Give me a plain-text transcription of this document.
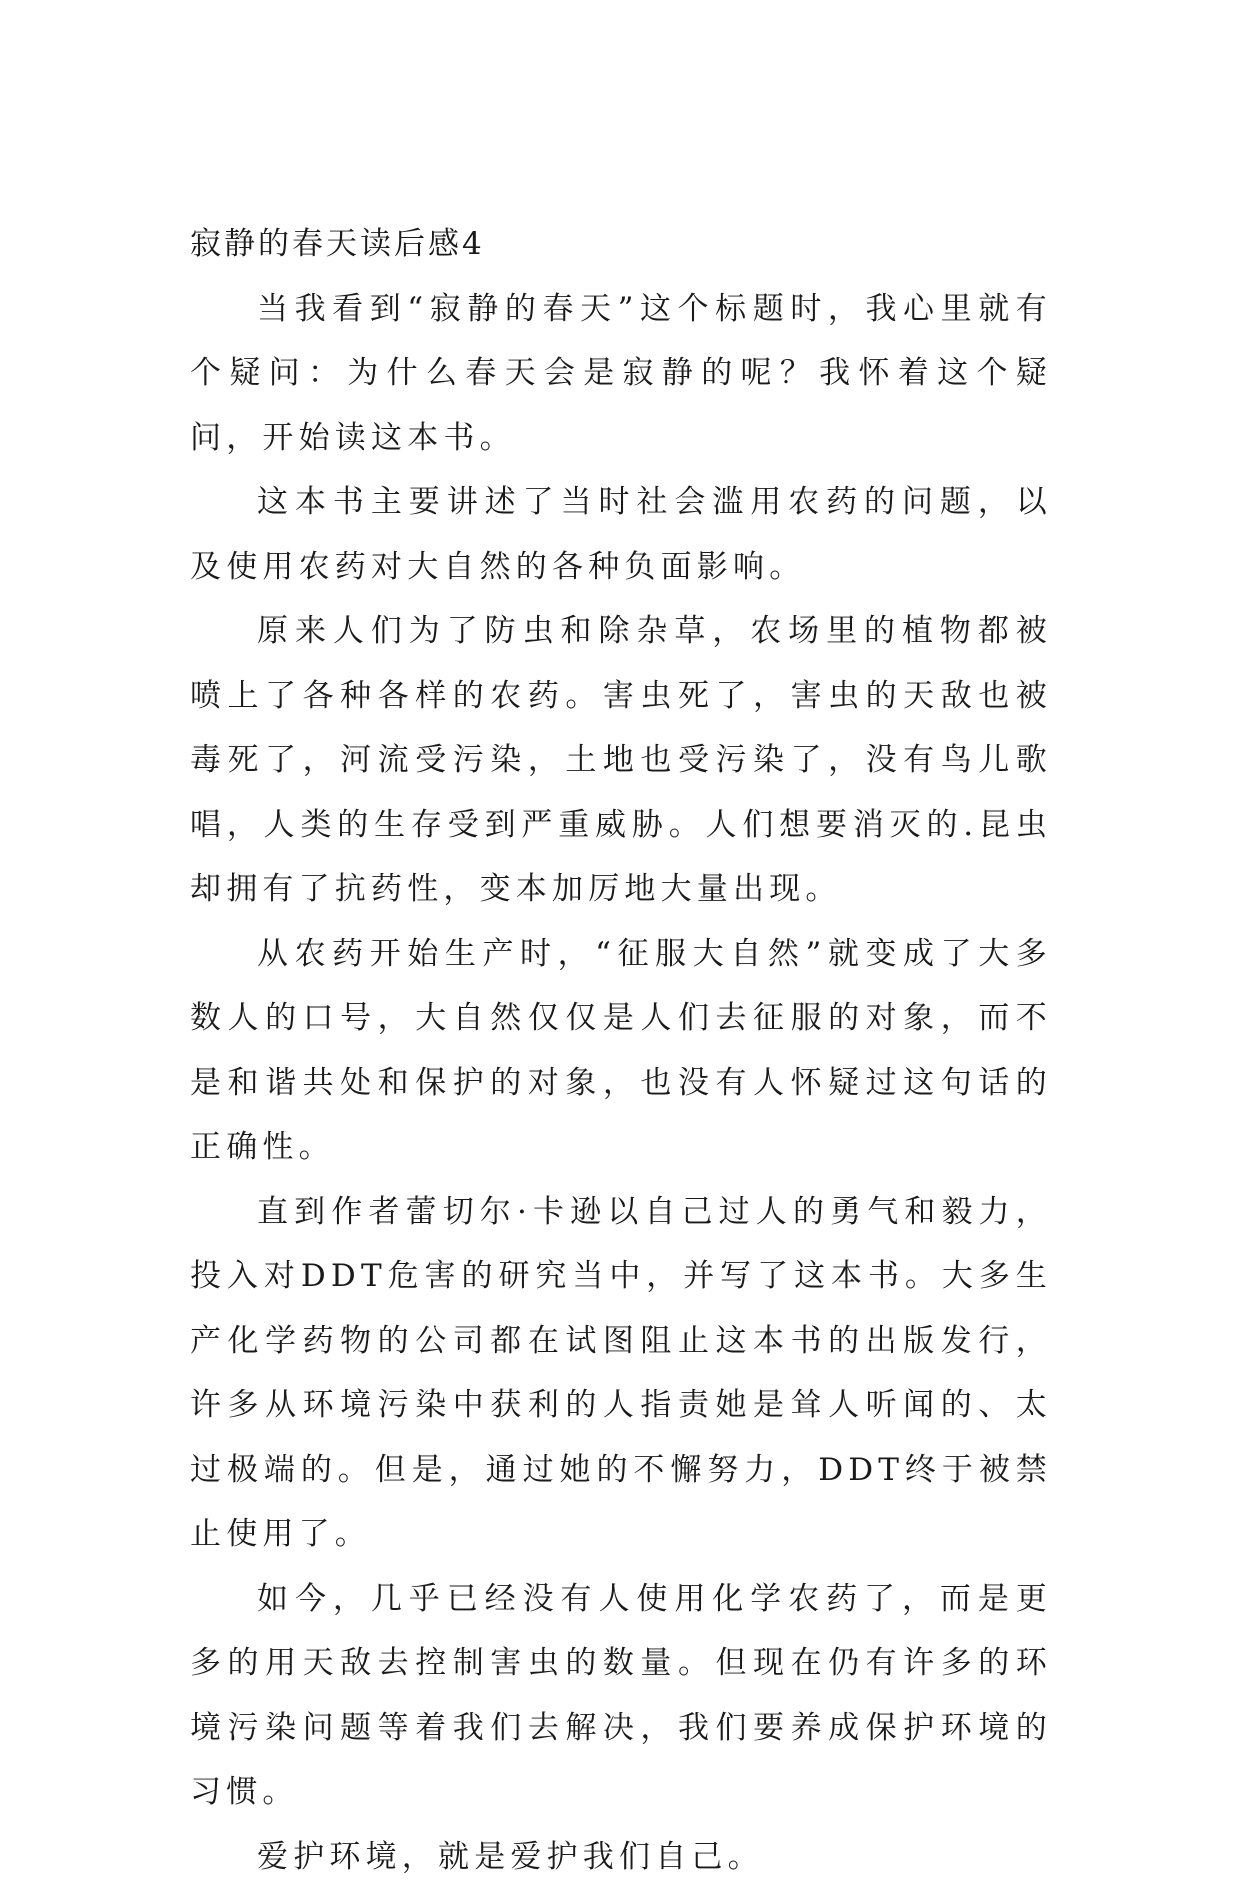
寂静的春天读后感4

当我看到“寂静的春天”这个标题时，我心里就有个疑问：为什么春天会是寂静的呢？我怀着这个疑问，开始读这本书。

这本书主要讲述了当时社会滥用农药的问题，以及使用农药对大自然的各种负面影响。

原来人们为了防虫和除杂草，农场里的植物都被喷上了各种各样的农药。害虫死了，害虫的天敌也被毒死了，河流受污染，土地也受污染了，没有鸟儿歌唱，人类的生存受到严重威胁。人们想要消灭的.昆虫却拥有了抗药性，变本加厉地大量出现。

从农药开始生产时，“征服大自然”就变成了大多数人的口号，大自然仅仅是人们去征服的对象，而不是和谐共处和保护的对象，也没有人怀疑过这句话的正确性。

直到作者蕾切尔·卡逊以自己过人的勇气和毅力，投入对DDT危害的研究当中，并写了这本书。大多生产化学药物的公司都在试图阻止这本书的出版发行，许多从环境污染中获利的人指责她是耸人听闻的、太过极端的。但是，通过她的不懈努力，DDT终于被禁止使用了。

如今，几乎已经没有人使用化学农药了，而是更多的用天敌去控制害虫的数量。但现在仍有许多的环境污染问题等着我们去解决，我们要养成保护环境的习惯。

爱护环境，就是爱护我们自己。
